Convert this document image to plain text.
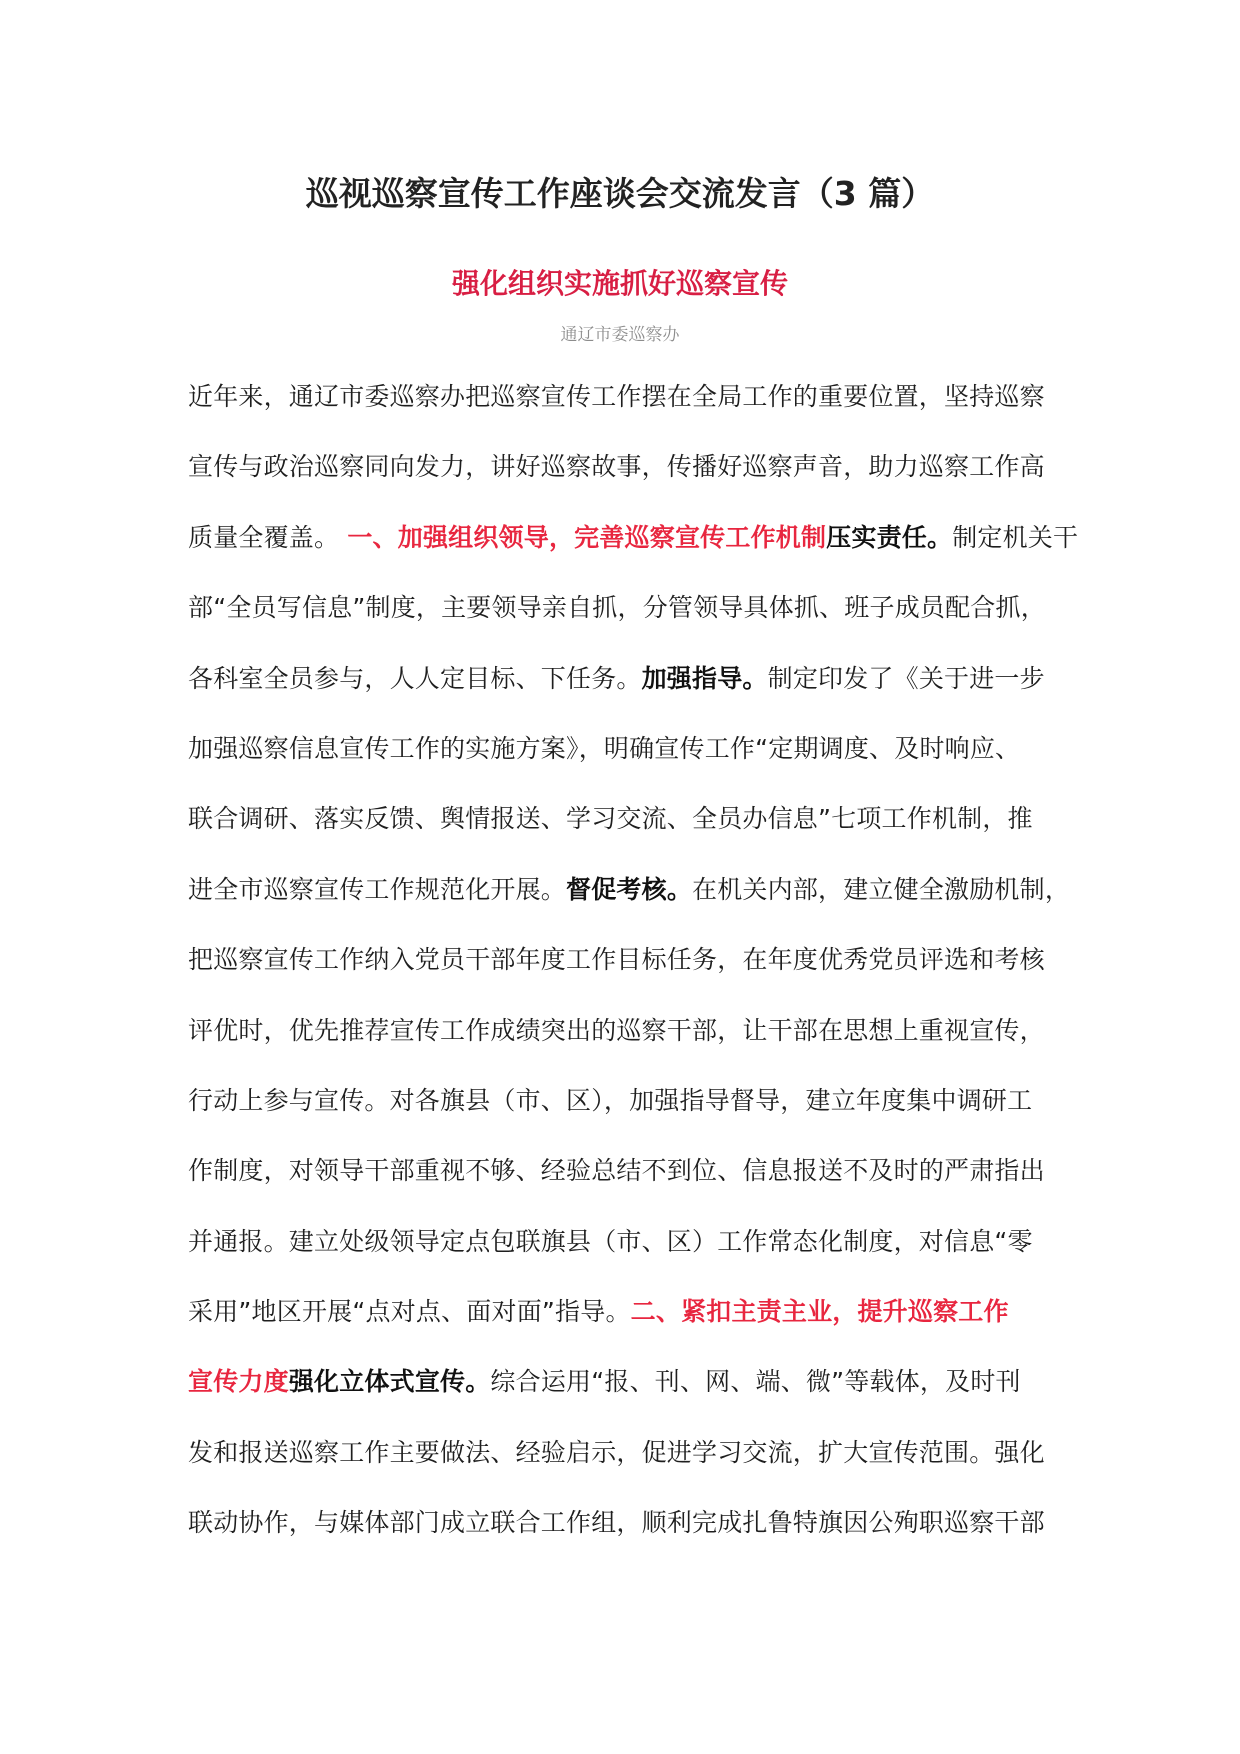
巡视巡察宣传工作座谈会交流发言（3 篇）
强化组织实施抓好巡察宣传
通辽市委巡察办
近年来，通辽市委巡察办把巡察宣传工作摆在全局工作的重要位置，坚持巡察
宣传与政治巡察同向发力，讲好巡察故事，传播好巡察声音，助力巡察工作高
质量全覆盖。 一、加强组织领导，完善巡察宣传工作机制压实责任。制定机关干
部“全员写信息”制度，主要领导亲自抓，分管领导具体抓、班子成员配合抓，
各科室全员参与，人人定目标、下任务。加强指导。制定印发了《关于进一步
加强巡察信息宣传工作的实施方案》，明确宣传工作“定期调度、及时响应、
联合调研、落实反馈、舆情报送、学习交流、全员办信息”七项工作机制，推
进全市巡察宣传工作规范化开展。督促考核。在机关内部，建立健全激励机制，
把巡察宣传工作纳入党员干部年度工作目标任务，在年度优秀党员评选和考核
评优时，优先推荐宣传工作成绩突出的巡察干部，让干部在思想上重视宣传，
行动上参与宣传。对各旗县（市、区），加强指导督导，建立年度集中调研工
作制度，对领导干部重视不够、经验总结不到位、信息报送不及时的严肃指出
并通报。建立处级领导定点包联旗县（市、区）工作常态化制度，对信息“零
采用”地区开展“点对点、面对面”指导。二、紧扣主责主业，提升巡察工作
宣传力度强化立体式宣传。综合运用“报、刊、网、端、微”等载体，及时刊
发和报送巡察工作主要做法、经验启示，促进学习交流，扩大宣传范围。强化
联动协作，与媒体部门成立联合工作组，顺利完成扎鲁特旗因公殉职巡察干部
